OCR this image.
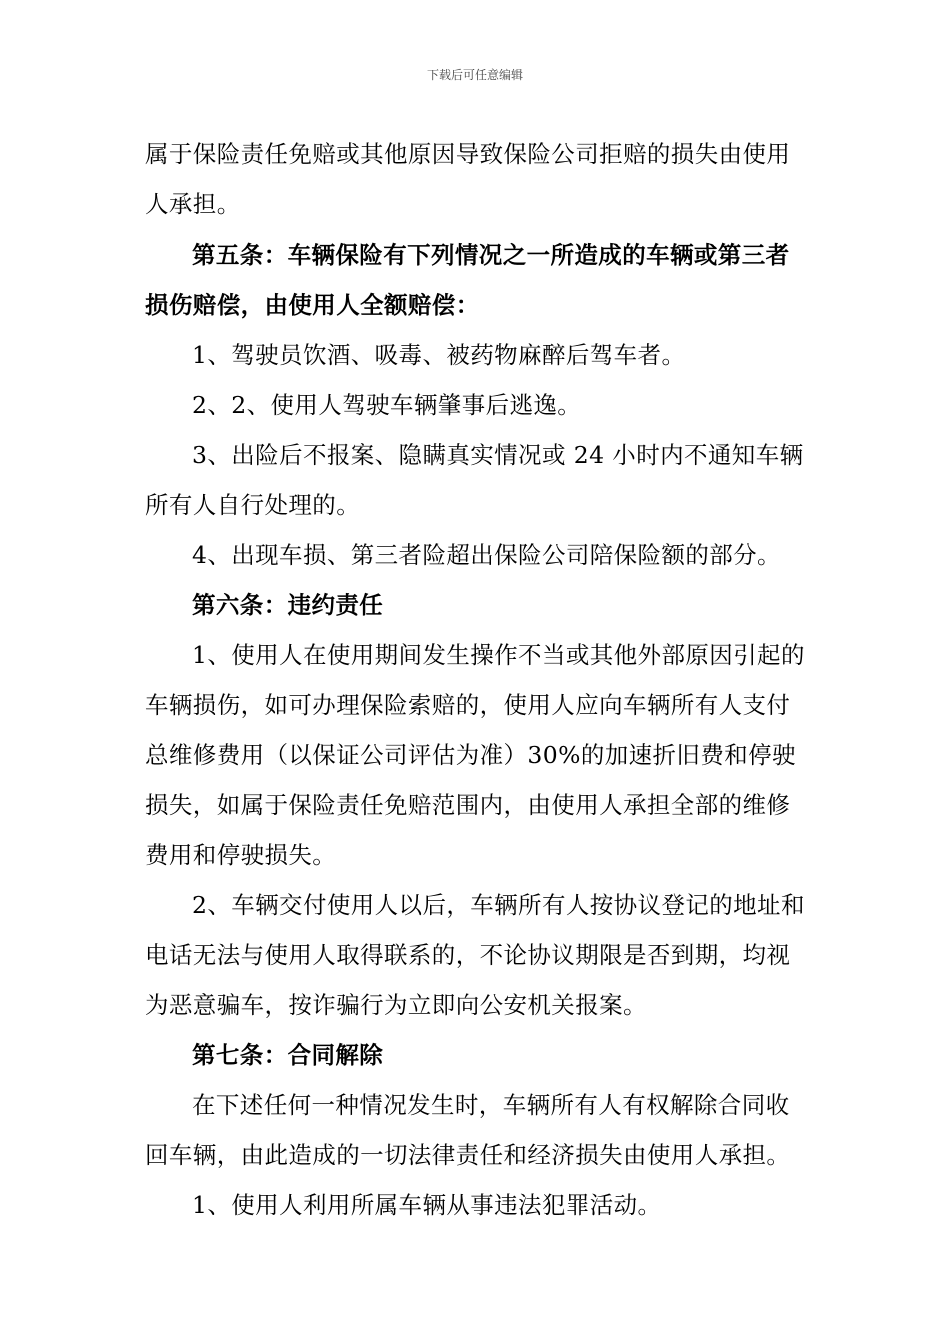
下载后可任意编辑
属于保险责任免赔或其他原因导致保险公司拒赔的损失由使用
人承担。
第五条：车辆保险有下列情况之一所造成的车辆或第三者
损伤赔偿，由使用人全额赔偿：
1、驾驶员饮酒、吸毒、被药物麻醉后驾车者。
2、2、使用人驾驶车辆肇事后逃逸。
3、出险后不报案、隐瞒真实情况或 24 小时内不通知车辆
所有人自行处理的。
4、出现车损、第三者险超出保险公司陪保险额的部分。
第六条：违约责任
1、使用人在使用期间发生操作不当或其他外部原因引起的
车辆损伤，如可办理保险索赔的，使用人应向车辆所有人支付
总维修费用（以保证公司评估为准）30%的加速折旧费和停驶
损失，如属于保险责任免赔范围内，由使用人承担全部的维修
费用和停驶损失。
2、车辆交付使用人以后，车辆所有人按协议登记的地址和
电话无法与使用人取得联系的，不论协议期限是否到期，均视
为恶意骗车，按诈骗行为立即向公安机关报案。
第七条：合同解除
在下述任何一种情况发生时，车辆所有人有权解除合同收
回车辆，由此造成的一切法律责任和经济损失由使用人承担。
1、使用人利用所属车辆从事违法犯罪活动。
